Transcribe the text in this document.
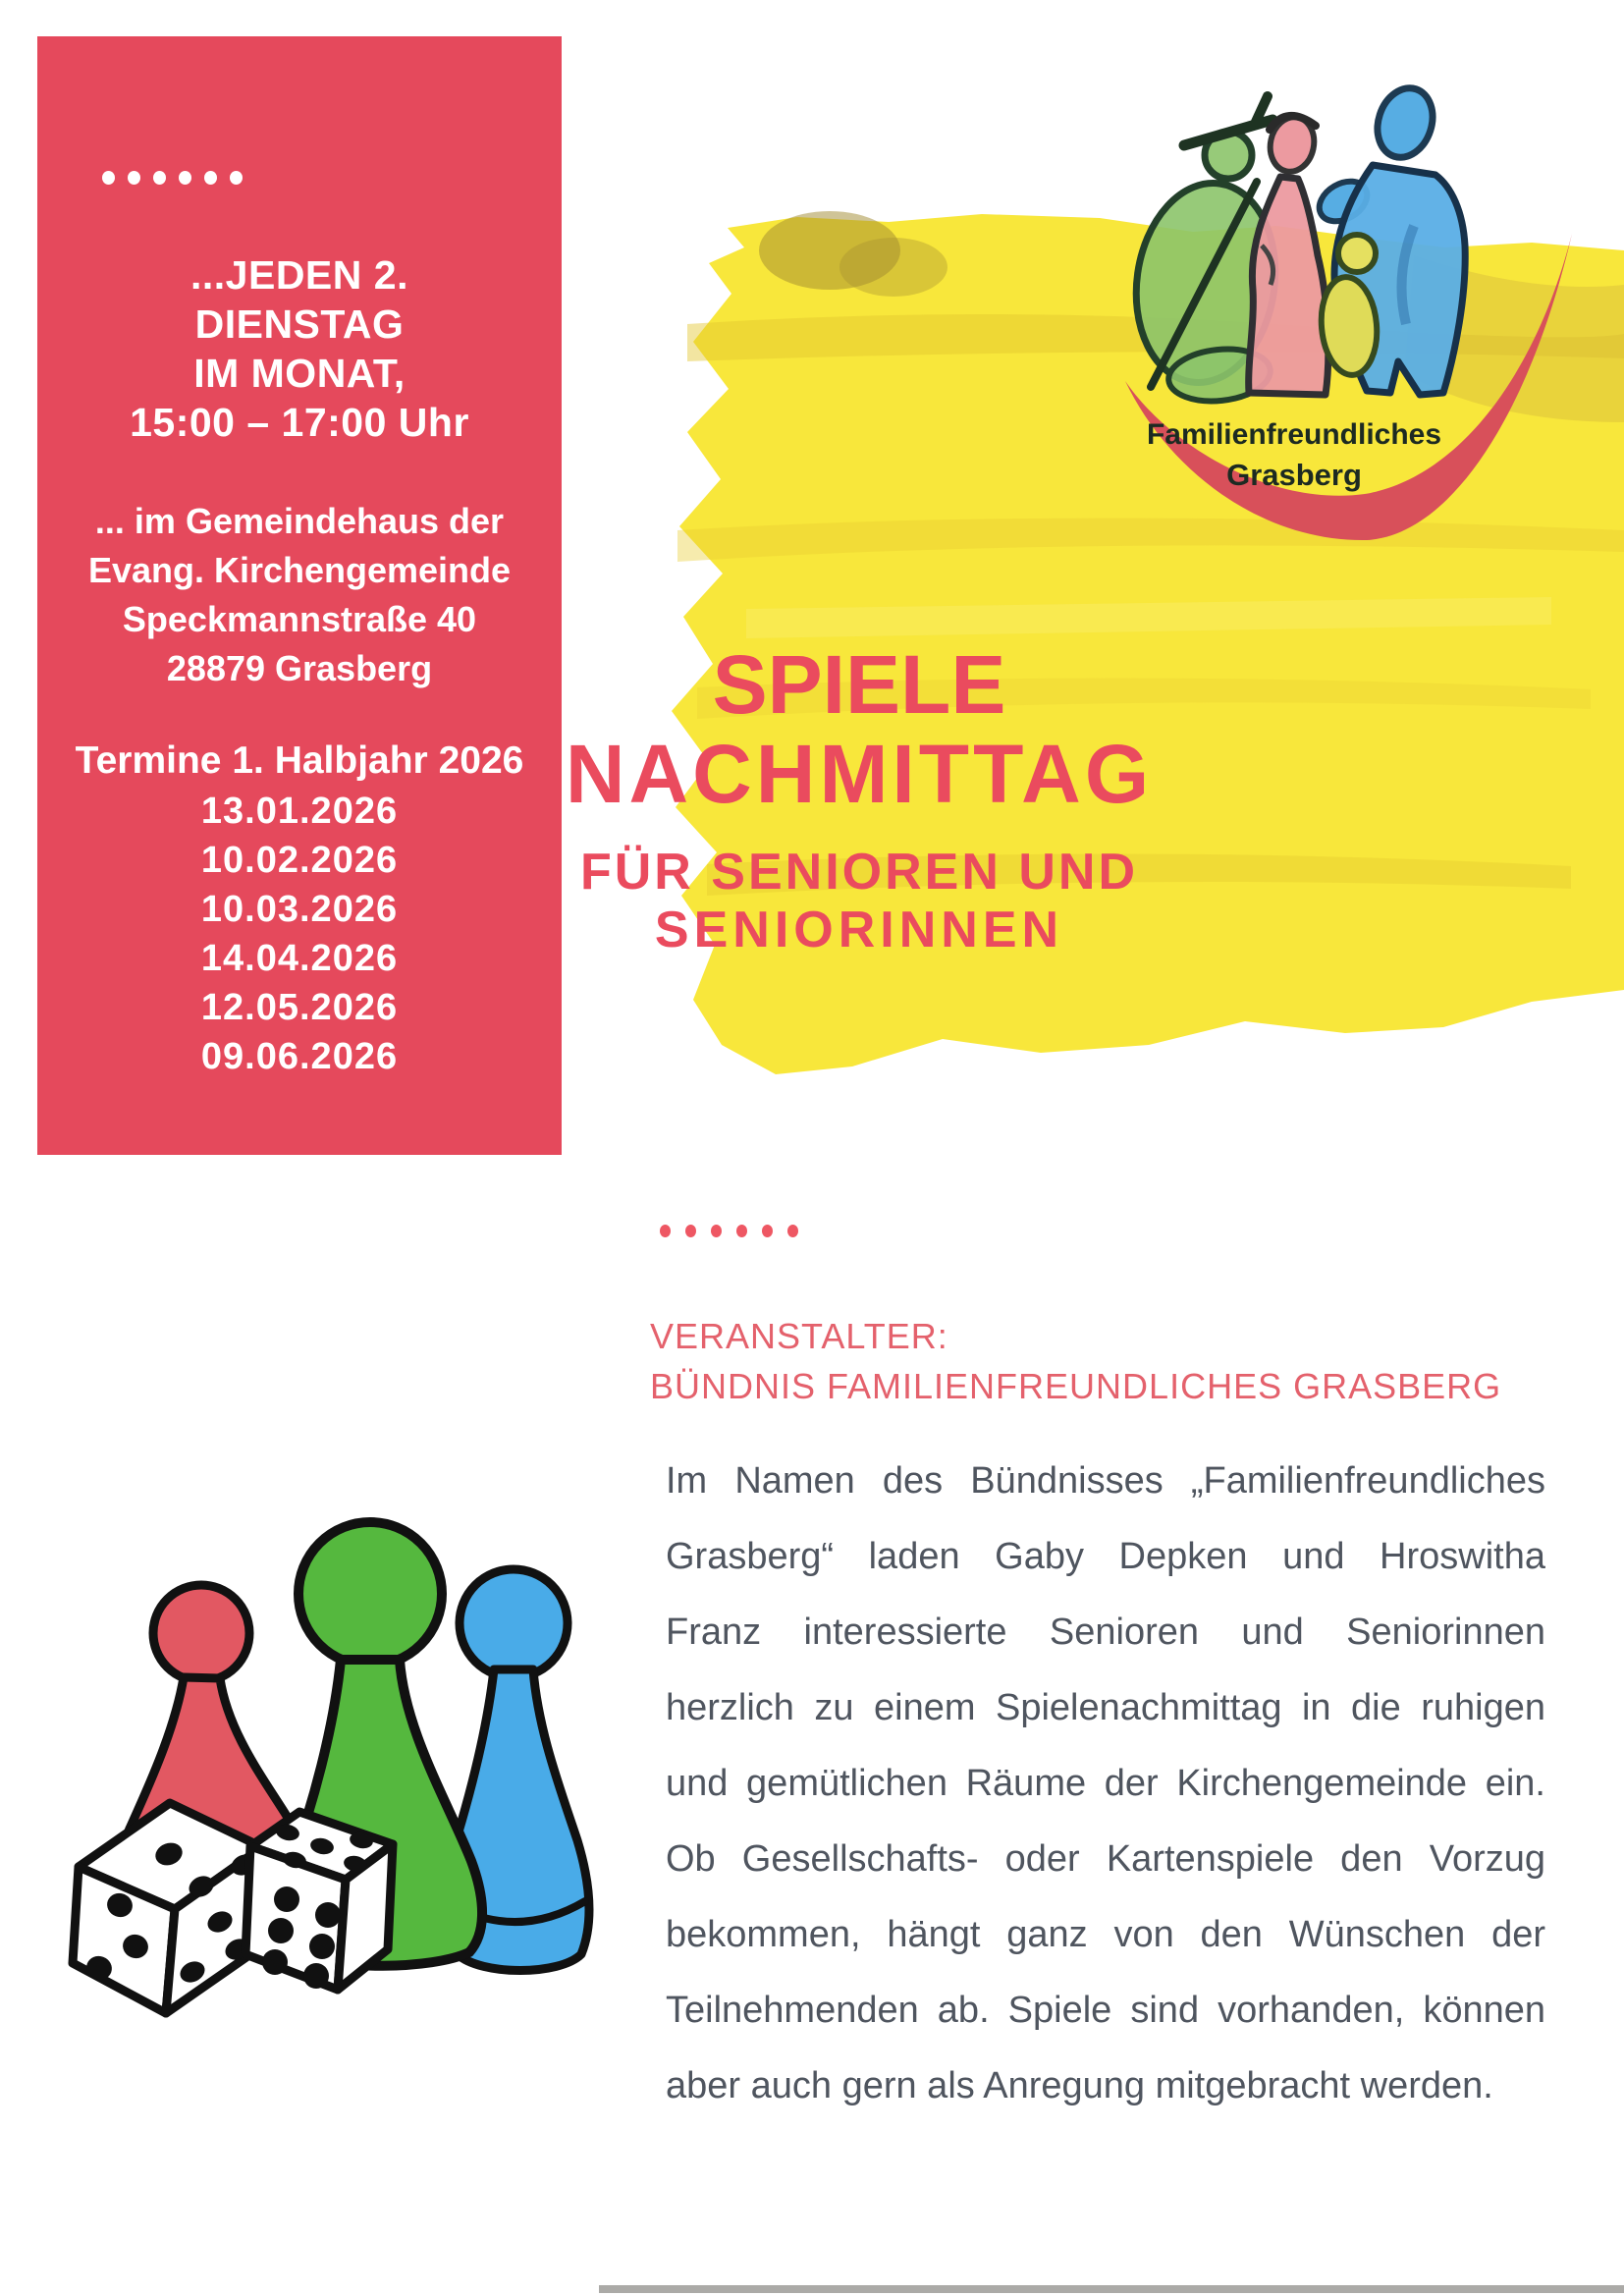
Familienfreundliches
Grasberg
...JEDEN 2.
DIENSTAG
IM MONAT,
15:00 – 17:00 Uhr
... im Gemeindehaus der
Evang. Kirchengemeinde
Speckmannstraße 40
28879 Grasberg
Termine 1. Halbjahr 2026
13.01.2026
10.02.2026
10.03.2026
14.04.2026
12.05.2026
09.06.2026
SPIELE
NACHMITTAG
FÜR SENIOREN UND
SENIORINNEN
VERANSTALTER:
BÜNDNIS FAMILIENFREUNDLICHES GRASBERG
Im Namen des Bündnisses „Familienfreundliches
Grasberg“ laden Gaby Depken und Hroswitha
Franz interessierte Senioren und Seniorinnen
herzlich zu einem Spielenachmittag in die ruhigen
und gemütlichen Räume der Kirchengemeinde ein.
Ob Gesellschafts- oder Kartenspiele den Vorzug
bekommen, hängt ganz von den Wünschen der
Teilnehmenden ab. Spiele sind vorhanden, können
aber auch gern als Anregung mitgebracht werden.
